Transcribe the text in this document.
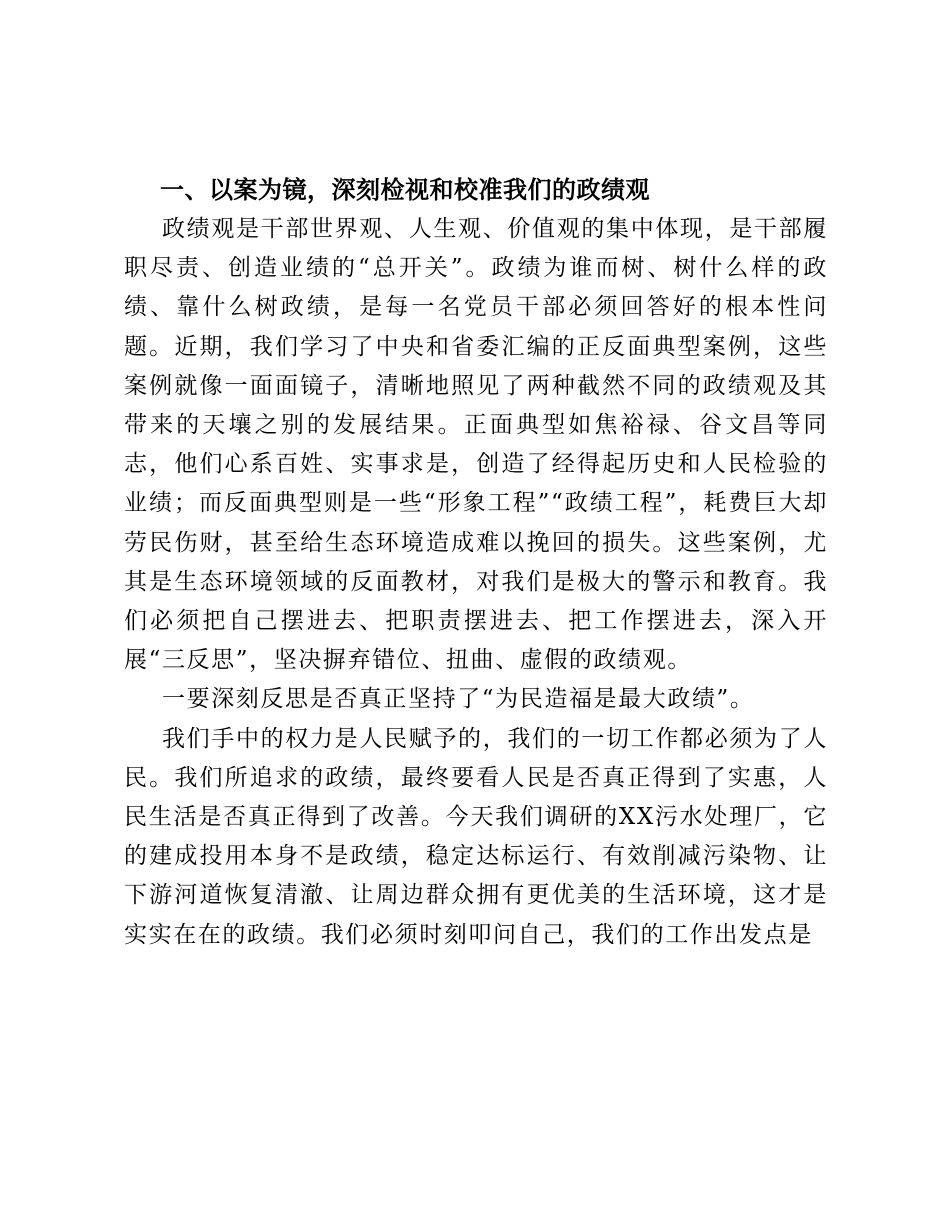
一、以案为镜，深刻检视和校准我们的政绩观

政绩观是干部世界观、人生观、价值观的集中体现，是干部履职尽责、创造业绩的“总开关”。政绩为谁而树、树什么样的政绩、靠什么树政绩，是每一名党员干部必须回答好的根本性问题。近期，我们学习了中央和省委汇编的正反面典型案例，这些案例就像一面面镜子，清晰地照见了两种截然不同的政绩观及其带来的天壤之别的发展结果。正面典型如焦裕禄、谷文昌等同志，他们心系百姓、实事求是，创造了经得起历史和人民检验的业绩；而反面典型则是一些“形象工程”“政绩工程”，耗费巨大却劳民伤财，甚至给生态环境造成难以挽回的损失。这些案例，尤其是生态环境领域的反面教材，对我们是极大的警示和教育。我们必须把自己摆进去、把职责摆进去、把工作摆进去，深入开展“三反思”，坚决摒弃错位、扭曲、虚假的政绩观。

一要深刻反思是否真正坚持了“为民造福是最大政绩”。

我们手中的权力是人民赋予的，我们的一切工作都必须为了人民。我们所追求的政绩，最终要看人民是否真正得到了实惠，人民生活是否真正得到了改善。今天我们调研的XX污水处理厂，它的建成投用本身不是政绩，稳定达标运行、有效削减污染物、让下游河道恢复清澈、让周边群众拥有更优美的生活环境，这才是实实在在的政绩。我们必须时刻叩问自己，我们的工作出发点是
